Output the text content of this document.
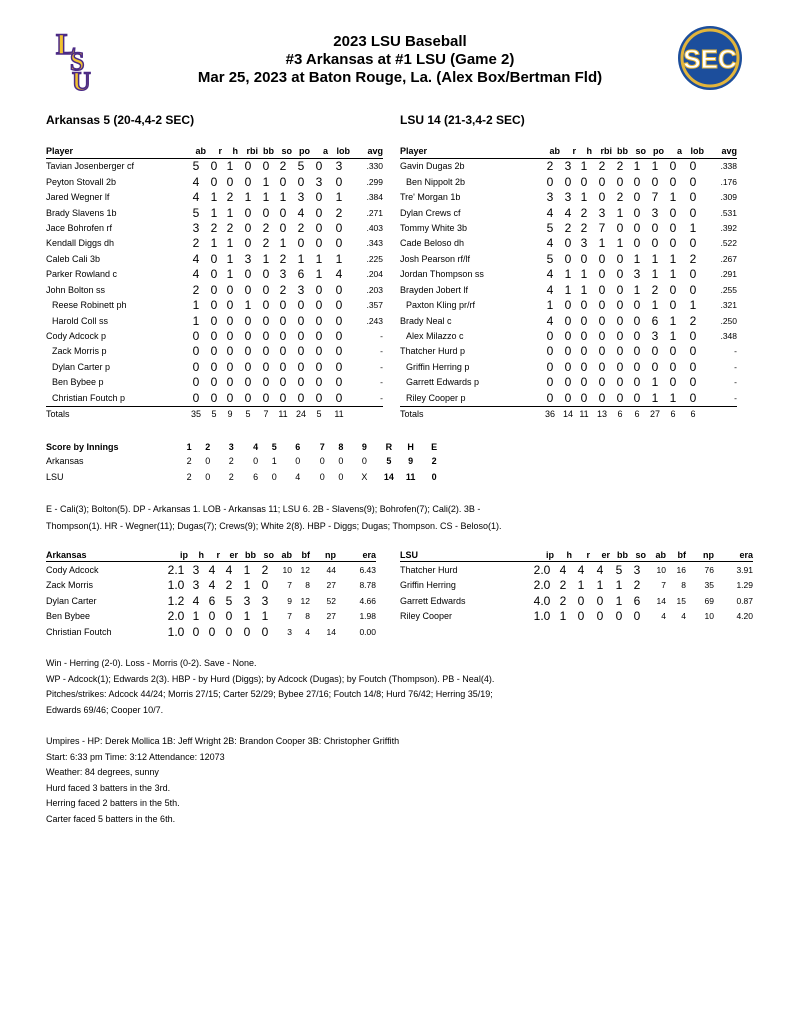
L
S
U
2023 LSU Baseball
#3 Arkansas at #1 LSU (Game 2)
Mar 25, 2023 at Baton Rouge, La. (Alex Box/Bertman Fld)
SEC
Arkansas 5 (20-4,4-2 SEC)	LSU 14 (21-3,4-2 SEC)
Player	ab	r	h	rbi	bb	so	po	a	lob	avg
Tavian Josenberger cf	5	0	1	0	0	2	5	0	3	.330
Peyton Stovall 2b	4	0	0	0	1	0	0	3	0	.299
Jared Wegner lf	4	1	2	1	1	1	3	0	1	.384
Brady Slavens 1b	5	1	1	0	0	0	4	0	2	.271
Jace Bohrofen rf	3	2	2	0	2	0	2	0	0	.403
Kendall Diggs dh	2	1	1	0	2	1	0	0	0	.343
Caleb Cali 3b	4	0	1	3	1	2	1	1	1	.225
Parker Rowland c	4	0	1	0	0	3	6	1	4	.204
John Bolton ss	2	0	0	0	0	2	3	0	0	.203
Reese Robinett ph	1	0	0	1	0	0	0	0	0	.357
Harold Coll ss	1	0	0	0	0	0	0	0	0	.243
Cody Adcock p	0	0	0	0	0	0	0	0	0	-
Zack Morris p	0	0	0	0	0	0	0	0	0	-
Dylan Carter p	0	0	0	0	0	0	0	0	0	-
Ben Bybee p	0	0	0	0	0	0	0	0	0	-
Christian Foutch p	0	0	0	0	0	0	0	0	0	-
Totals	35	5	9	5	7	11	24	5	11	
Player	ab	r	h	rbi	bb	so	po	a	lob	avg
Gavin Dugas 2b	2	3	1	2	2	1	1	0	0	.338
Ben Nippolt 2b	0	0	0	0	0	0	0	0	0	.176
Tre' Morgan 1b	3	3	1	0	2	0	7	1	0	.309
Dylan Crews cf	4	4	2	3	1	0	3	0	0	.531
Tommy White 3b	5	2	2	7	0	0	0	0	1	.392
Cade Beloso dh	4	0	3	1	1	0	0	0	0	.522
Josh Pearson rf/lf	5	0	0	0	0	1	1	1	2	.267
Jordan Thompson ss	4	1	1	0	0	3	1	1	0	.291
Brayden Jobert lf	4	1	1	0	0	1	2	0	0	.255
Paxton Kling pr/rf	1	0	0	0	0	0	1	0	1	.321
Brady Neal c	4	0	0	0	0	0	6	1	2	.250
Alex Milazzo c	0	0	0	0	0	0	3	1	0	.348
Thatcher Hurd p	0	0	0	0	0	0	0	0	0	-
Griffin Herring p	0	0	0	0	0	0	0	0	0	-
Garrett Edwards p	0	0	0	0	0	0	1	0	0	-
Riley Cooper p	0	0	0	0	0	0	1	1	0	-
Totals	36	14	11	13	6	6	27	6	6	
Score by Innings	1	2	3	4	5	6	7	8	9	R	H	E
Arkansas	2	0	2	0	1	0	0	0	0	5	9	2
LSU	2	0	2	6	0	4	0	0	X	14	11	0
E - Cali(3); Bolton(5). DP - Arkansas 1. LOB - Arkansas 11; LSU 6. 2B - Slavens(9); Bohrofen(7); Cali(2). 3B -
Thompson(1). HR - Wegner(11); Dugas(7); Crews(9); White 2(8). HBP - Diggs; Dugas; Thompson. CS - Beloso(1).
Arkansas	ip	h	r	er	bb	so	ab	bf	np	era
Cody Adcock	2.1	3	4	4	1	2	10	12	44	6.43
Zack Morris	1.0	3	4	2	1	0	7	8	27	8.78
Dylan Carter	1.2	4	6	5	3	3	9	12	52	4.66
Ben Bybee	2.0	1	0	0	1	1	7	8	27	1.98
Christian Foutch	1.0	0	0	0	0	0	3	4	14	0.00
LSU	ip	h	r	er	bb	so	ab	bf	np	era
Thatcher Hurd	2.0	4	4	4	5	3	10	16	76	3.91
Griffin Herring	2.0	2	1	1	1	2	7	8	35	1.29
Garrett Edwards	4.0	2	0	0	1	6	14	15	69	0.87
Riley Cooper	1.0	1	0	0	0	0	4	4	10	4.20
Win - Herring (2-0). Loss - Morris (0-2). Save - None.
WP - Adcock(1); Edwards 2(3). HBP - by Hurd (Diggs); by Adcock (Dugas); by Foutch (Thompson). PB - Neal(4).
Pitches/strikes: Adcock 44/24; Morris 27/15; Carter 52/29; Bybee 27/16; Foutch 14/8; Hurd 76/42; Herring 35/19;
Edwards 69/46; Cooper 10/7.
Umpires - HP: Derek Mollica 1B: Jeff Wright 2B: Brandon Cooper 3B: Christopher Griffith
Start: 6:33 pm Time: 3:12 Attendance: 12073
Weather: 84 degrees, sunny
Hurd faced 3 batters in the 3rd.
Herring faced 2 batters in the 5th.
Carter faced 5 batters in the 6th.
